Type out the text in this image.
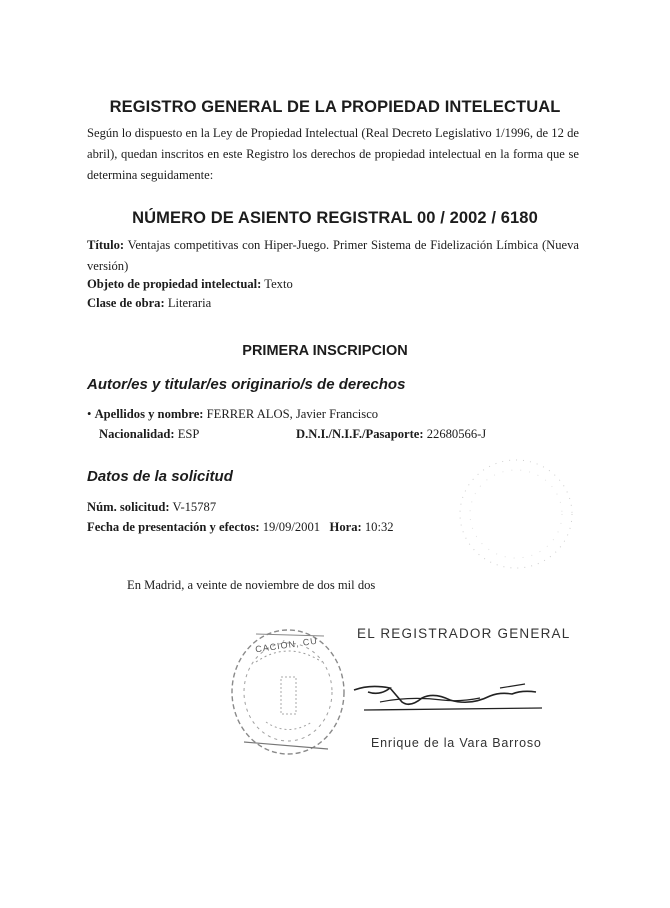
REGISTRO GENERAL DE LA PROPIEDAD INTELECTUAL
Según lo dispuesto en la Ley de Propiedad Intelectual (Real Decreto Legislativo 1/1996, de 12 de abril), quedan inscritos en este Registro los derechos de propiedad intelectual en la forma que se determina seguidamente:
NÚMERO DE ASIENTO REGISTRAL 00 / 2002 / 6180
Título: Ventajas competitivas con Hiper-Juego. Primer Sistema de Fidelización Límbica (Nueva versión)
Objeto de propiedad intelectual: Texto
Clase de obra: Literaria
PRIMERA INSCRIPCION
Autor/es y titular/es originario/s de derechos
• Apellidos y nombre: FERRER ALOS, Javier Francisco
Nacionalidad: ESP	D.N.I./N.I.F./Pasaporte: 22680566-J
Datos de la solicitud
Núm. solicitud: V-15787
Fecha de presentación y efectos: 19/09/2001 Hora: 10:32
En Madrid, a veinte de noviembre de dos mil dos
CACIÓN, CU
EL REGISTRADOR GENERAL
Enrique de la Vara Barroso
